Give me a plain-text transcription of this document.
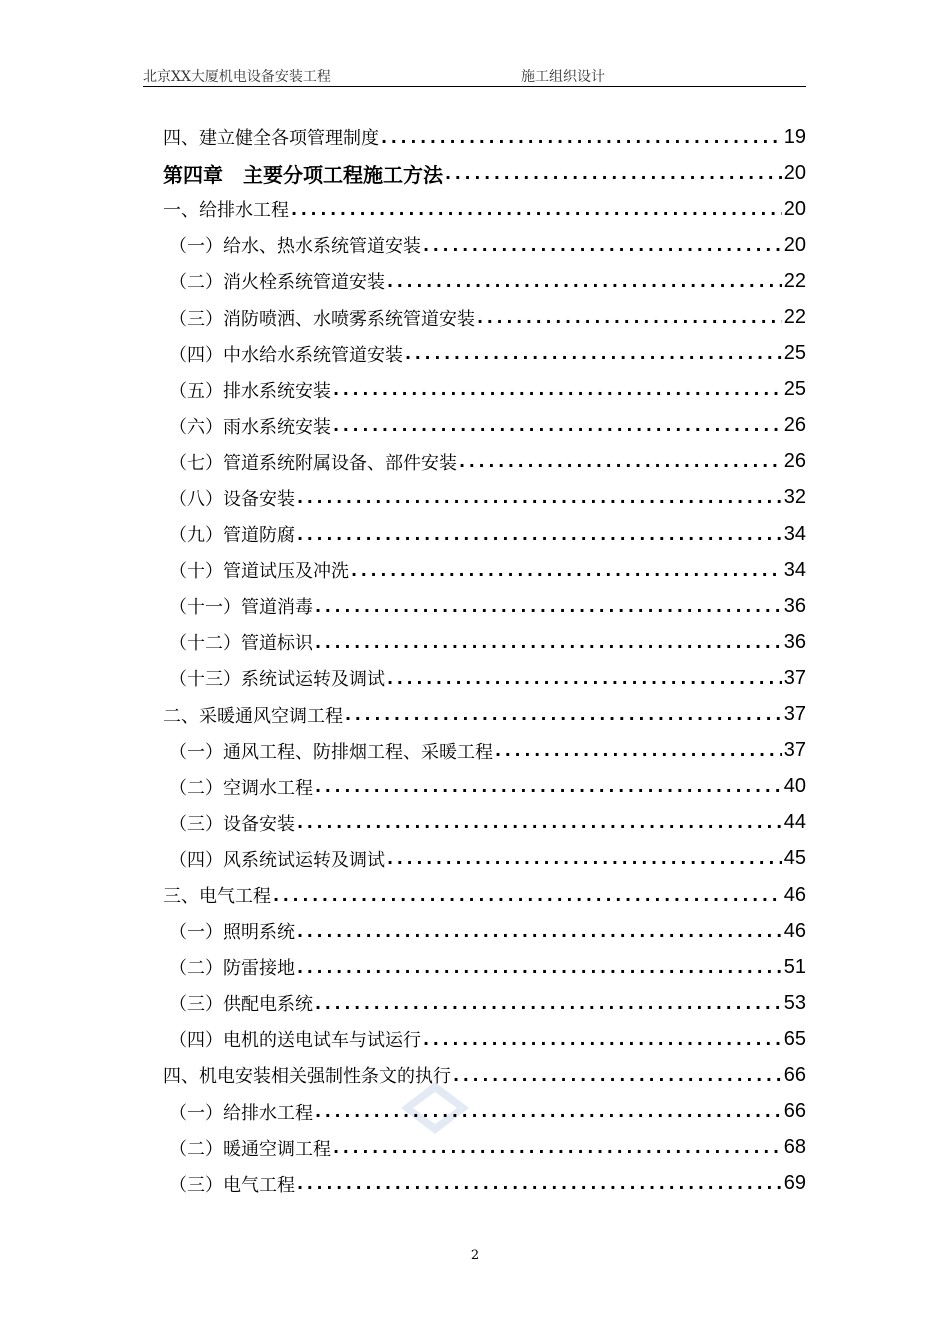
北京XX大厦机电设备安装工程	施工组织设计
四、建立健全各项管理制度 .....	19
第四章　主要分项工程施工方法 .....	20
一、给排水工程 .....	20
（一）给水、热水系统管道安装 .....	20
（二）消火栓系统管道安装 .....	22
（三）消防喷洒、水喷雾系统管道安装 .....	22
（四）中水给水系统管道安装 .....	25
（五）排水系统安装 .....	25
（六）雨水系统安装 .....	26
（七）管道系统附属设备、部件安装 .....	26
（八）设备安装 .....	32
（九）管道防腐 .....	34
（十）管道试压及冲洗 .....	34
（十一）管道消毒 .....	36
（十二）管道标识 .....	36
（十三）系统试运转及调试 .....	37
二、采暖通风空调工程 .....	37
（一）通风工程、防排烟工程、采暖工程 .....	37
（二）空调水工程 .....	40
（三）设备安装 .....	44
（四）风系统试运转及调试 .....	45
三、电气工程 .....	46
（一）照明系统 .....	46
（二）防雷接地 .....	51
（三）供配电系统 .....	53
（四）电机的送电试车与试运行 .....	65
四、机电安装相关强制性条文的执行 .....	66
（一）给排水工程 .....	66
（二）暖通空调工程 .....	68
（三）电气工程 .....	69
2
